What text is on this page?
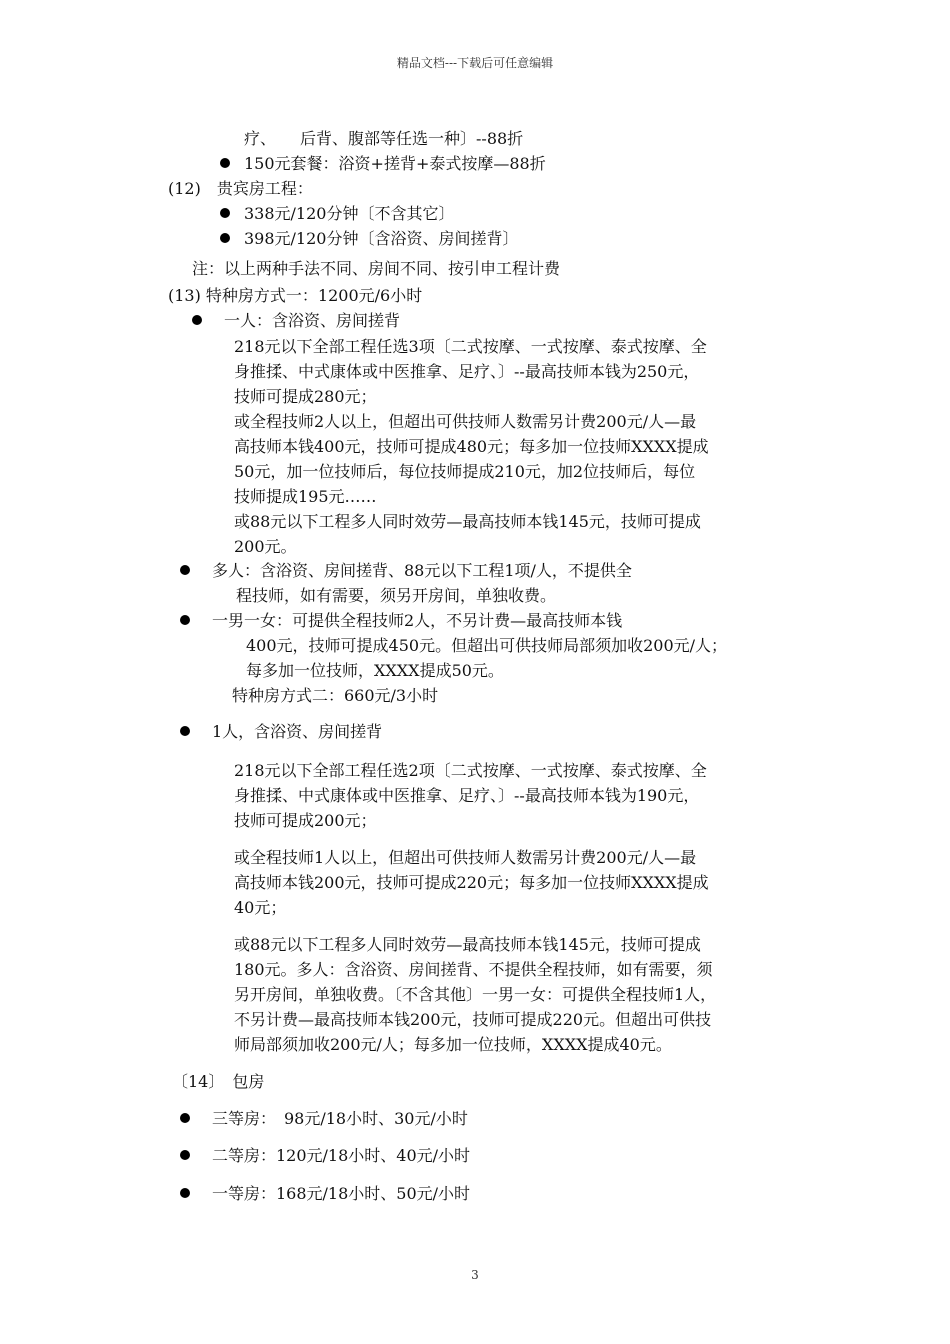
精品文档---下载后可任意编辑
疗、　　后背、腹部等任选一种〕--88折
150元套餐：浴资+搓背+泰式按摩—88折
(12)　贵宾房工程：
338元/120分钟〔不含其它〕
398元/120分钟〔含浴资、房间搓背〕
注：以上两种手法不同、房间不同、按引申工程计费
(13) 特种房方式一：1200元/6小时
一人：含浴资、房间搓背
218元以下全部工程任选3项〔二式按摩、一式按摩、泰式按摩、全
身推揉、中式康体或中医推拿、足疗、〕--最高技师本钱为250元，
技师可提成280元；
或全程技师2人以上，但超出可供技师人数需另计费200元/人—最
高技师本钱400元，技师可提成480元；每多加一位技师XXXX提成
50元，加一位技师后，每位技师提成210元，加2位技师后，每位
技师提成195元……
或88元以下工程多人同时效劳—最高技师本钱145元，技师可提成
200元。
多人：含浴资、房间搓背、88元以下工程1项/人，不提供全
程技师，如有需要，须另开房间，单独收费。
一男一女：可提供全程技师2人，不另计费—最高技师本钱
400元，技师可提成450元。但超出可供技师局部须加收200元/人；
每多加一位技师，XXXX提成50元。
特种房方式二：660元/3小时
1人，含浴资、房间搓背
218元以下全部工程任选2项〔二式按摩、一式按摩、泰式按摩、全
身推揉、中式康体或中医推拿、足疗、〕--最高技师本钱为190元，
技师可提成200元；
或全程技师1人以上，但超出可供技师人数需另计费200元/人—最
高技师本钱200元，技师可提成220元；每多加一位技师XXXX提成
40元；
或88元以下工程多人同时效劳—最高技师本钱145元，技师可提成
180元。多人：含浴资、房间搓背、不提供全程技师，如有需要，须
另开房间，单独收费。〔不含其他〕一男一女：可提供全程技师1人，
不另计费—最高技师本钱200元，技师可提成220元。但超出可供技
师局部须加收200元/人；每多加一位技师，XXXX提成40元。
〔14〕　包房
三等房：　98元/18小时、30元/小时
二等房：120元/18小时、40元/小时
一等房：168元/18小时、50元/小时
3
